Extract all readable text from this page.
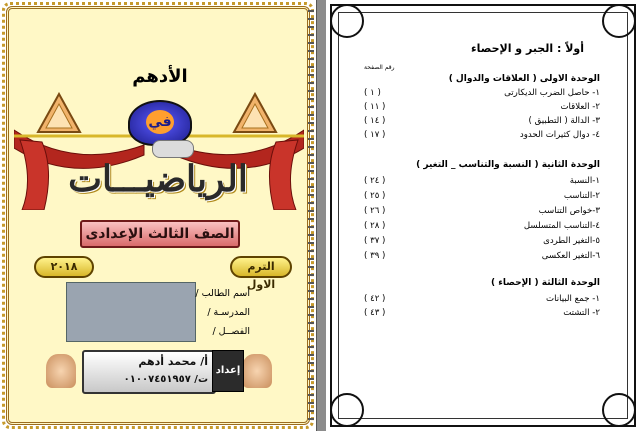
الأدهم
في
الرياضيـــات
الصف الثالث الإعدادى
٢٠١٨	الترم الاول
اسم الطالب /
المدرسـة /
الفصــل /
أ/ محمد أدهم
ت/ ٠١٠٠٧٤٥١٩٥٧
إعداد
أولاً : الجبر و الإحصاء
رقم الصفحة
الوحدة الاولى ( العلاقات والدوال )
١- حاصل الضرب الديكارتى
( ١ )
٢- العلاقات
( ١١ )
٣- الدالة ( التطبيق )
( ١٤ )
٤- دوال كثيرات الحدود
( ١٧ )
الوحدة الثانية ( النسبة والتناسب _ التغير )
١-النسبة
( ٢٤ )
٢-التناسب
( ٢٥ )
٣-خواص التناسب
( ٢٦ )
٤-التناسب المتسلسل
( ٢٨ )
٥-التغير الطردى
( ٣٧ )
٦-التغير العكسى
( ٣٩ )
الوحدة الثالثة ( الإحصاء )
١- جمع البيانات
( ٤٢ )
٢- التشتت
( ٤٣ )
